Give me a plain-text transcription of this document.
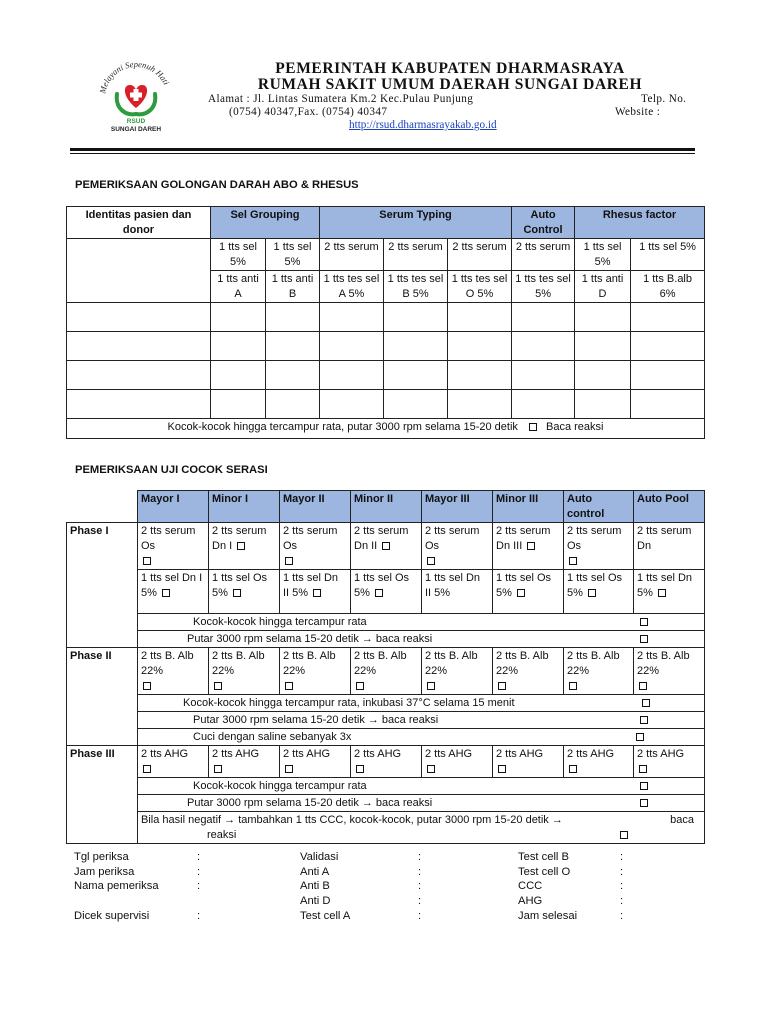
Melayani Sepenuh Hati
RSUD
SUNGAI DAREH
PEMERINTAH KABUPATEN DHARMASRAYA
RUMAH SAKIT UMUM DAERAH SUNGAI DAREH
Alamat : Jl. Lintas Sumatera Km.2 Kec.Pulau Punjung	Telp. No.
(0754) 40347,Fax. (0754) 40347	Website :
http://rsud.dharmasrayakab.go.id
PEMERIKSAAN GOLONGAN DARAH ABO & RHESUS
Identitas pasien dan donor	Sel Grouping		Serum Typing			Auto Control	Rhesus factor	
	1 tts sel 5%	1 tts sel 5%	2 tts serum	2 tts serum	2 tts serum	2 tts serum	1 tts sel 5%	1 tts sel 5%
	1 tts anti A	1 tts anti B	1 tts tes sel A 5%	1 tts tes sel B 5%	1 tts tes sel O 5%	1 tts tes sel 5%	1 tts anti D	1 tts B.alb 6%

Kocok-kocok hingga tercampur rata, putar 3000 rpm selama 15-20 detik Baca reaksi								
PEMERIKSAAN UJI COCOK SERASI
	Mayor I	Minor I	Mayor II	Minor II	Mayor III	Minor III	Auto control	Auto Pool
Phase I	2 tts serum Os	2 tts serum Dn I	2 tts serum Os	2 tts serum Dn II	2 tts serum Os	2 tts serum Dn III	2 tts serum Os	2 tts serum Dn
	1 tts sel Dn I 5%	1 tts sel Os 5%	1 tts sel Dn II 5%	1 tts sel Os 5%	1 tts sel Dn II 5%	1 tts sel Os 5%	1 tts sel Os 5%	1 tts sel Dn 5%
	Kocok-kocok hingga tercampur rata							

	Putar 3000 rpm selama 15-20 detik → baca reaksi							

Phase II	2 tts B. Alb 22%	2 tts B. Alb 22%	2 tts B. Alb 22%	2 tts B. Alb 22%	2 tts B. Alb 22%	2 tts B. Alb 22%	2 tts B. Alb 22%	2 tts B. Alb 22%

	Kocok-kocok hingga tercampur rata, inkubasi 37°C selama 15 menit							

	Putar 3000 rpm selama 15-20 detik → baca reaksi							

	Cuci dengan saline sebanyak 3x							

Phase III	2 tts AHG	2 tts AHG	2 tts AHG	2 tts AHG	2 tts AHG	2 tts AHG	2 tts AHG	2 tts AHG

	Kocok-kocok hingga tercampur rata							

	Putar 3000 rpm selama 15-20 detik → baca reaksi							

	Bila hasil negatif → tambahkan 1 tts CCC, kocok-kocok, putar 3000 rpm 15-20 detik → baca

reaksi							
Tgl periksa	:
Jam periksa	:
Nama pemeriksa	:
Dicek supervisi	:
Validasi	:
Anti A	:
Anti B	:
Anti D	:
Test cell A	:
Test cell B	:
Test cell O	:
CCC	:
AHG	:
Jam selesai	:
